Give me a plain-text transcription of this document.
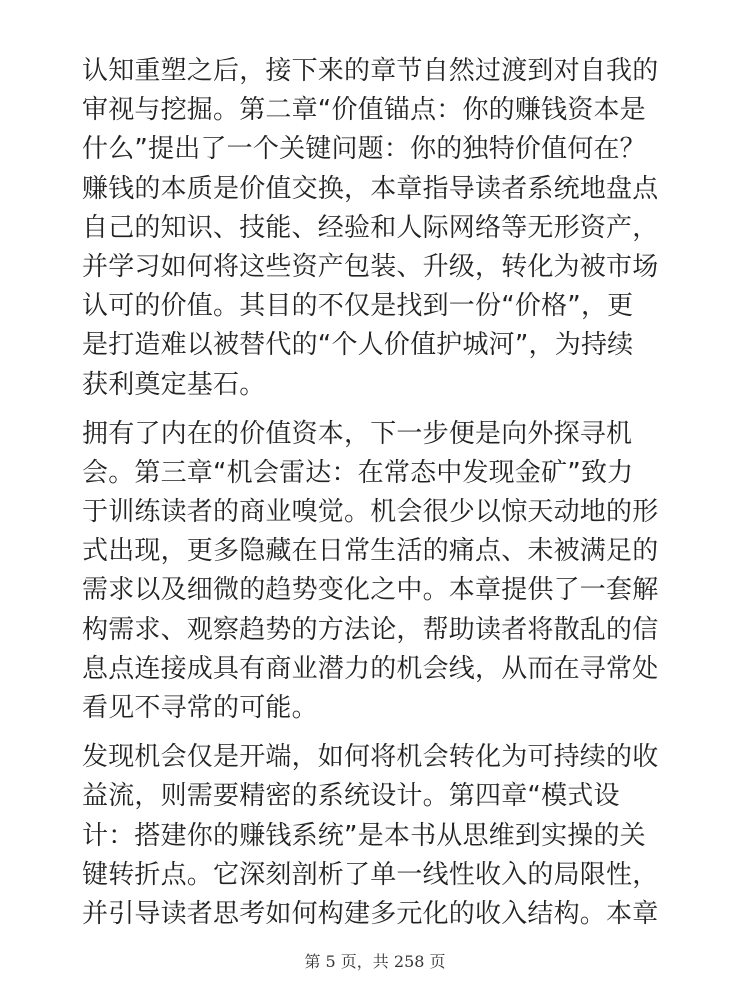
认知重塑之后，接下来的章节自然过渡到对自我的
审视与挖掘。第二章“价值锚点：你的赚钱资本是
什么”提出了一个关键问题：你的独特价值何在？
赚钱的本质是价值交换，本章指导读者系统地盘点
自己的知识、技能、经验和人际网络等无形资产，
并学习如何将这些资产包装、升级，转化为被市场
认可的价值。其目的不仅是找到一份“价格”，更
是打造难以被替代的“个人价值护城河”，为持续
获利奠定基石。
拥有了内在的价值资本，下一步便是向外探寻机
会。第三章“机会雷达：在常态中发现金矿”致力
于训练读者的商业嗅觉。机会很少以惊天动地的形
式出现，更多隐藏在日常生活的痛点、未被满足的
需求以及细微的趋势变化之中。本章提供了一套解
构需求、观察趋势的方法论，帮助读者将散乱的信
息点连接成具有商业潜力的机会线，从而在寻常处
看见不寻常的可能。
发现机会仅是开端，如何将机会转化为可持续的收
益流，则需要精密的系统设计。第四章“模式设
计：搭建你的赚钱系统”是本书从思维到实操的关
键转折点。它深刻剖析了单一线性收入的局限性，
并引导读者思考如何构建多元化的收入结构。本章
第 5 页，共 258 页
